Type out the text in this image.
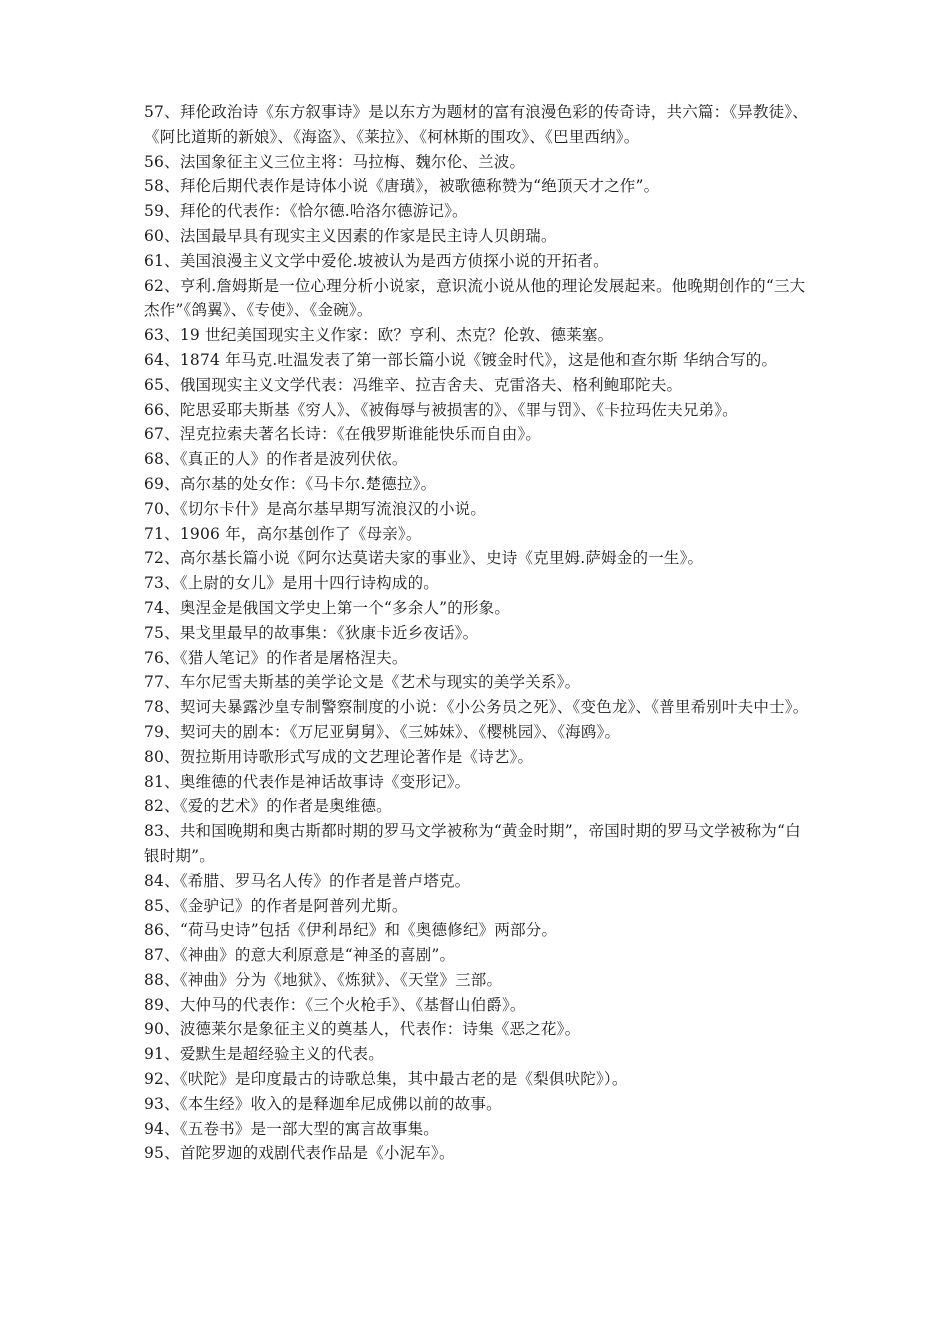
57、拜伦政治诗《东方叙事诗》是以东方为题材的富有浪漫色彩的传奇诗，共六篇：《异教徒》、《阿比道斯的新娘》、《海盗》、《莱拉》、《柯林斯的围攻》、《巴里西纳》。

56、法国象征主义三位主将：马拉梅、魏尔伦、兰波。

58、拜伦后期代表作是诗体小说《唐璜》，被歌德称赞为“绝顶天才之作”。

59、拜伦的代表作：《恰尔德.哈洛尔德游记》。

60、法国最早具有现实主义因素的作家是民主诗人贝朗瑞。

61、美国浪漫主义文学中爱伦.坡被认为是西方侦探小说的开拓者。

62、亨利.詹姆斯是一位心理分析小说家，意识流小说从他的理论发展起来。他晚期创作的“三大杰作”《鸽翼》、《专使》、《金碗》。

63、19 世纪美国现实主义作家：欧？亨利、杰克？伦敦、德莱塞。

64、1874 年马克.吐温发表了第一部长篇小说《镀金时代》，这是他和查尔斯 华纳合写的。

65、俄国现实主义文学代表：冯维辛、拉吉舍夫、克雷洛夫、格利鲍耶陀夫。

66、陀思妥耶夫斯基《穷人》、《被侮辱与被损害的》、《罪与罚》、《卡拉玛佐夫兄弟》。

67、涅克拉索夫著名长诗：《在俄罗斯谁能快乐而自由》。

68、《真正的人》的作者是波列伏依。

69、高尔基的处女作：《马卡尔.楚德拉》。

70、《切尔卡什》是高尔基早期写流浪汉的小说。

71、1906 年，高尔基创作了《母亲》。

72、高尔基长篇小说《阿尔达莫诺夫家的事业》、史诗《克里姆.萨姆金的一生》。

73、《上尉的女儿》是用十四行诗构成的。

74、奥涅金是俄国文学史上第一个“多余人”的形象。

75、果戈里最早的故事集：《狄康卡近乡夜话》。

76、《猎人笔记》的作者是屠格涅夫。

77、车尔尼雪夫斯基的美学论文是《艺术与现实的美学关系》。

78、契诃夫暴露沙皇专制警察制度的小说：《小公务员之死》、《变色龙》、《普里希别叶夫中士》。

79、契诃夫的剧本：《万尼亚舅舅》、《三姊妹》、《樱桃园》、《海鸥》。

80、贺拉斯用诗歌形式写成的文艺理论著作是《诗艺》。

81、奥维德的代表作是神话故事诗《变形记》。

82、《爱的艺术》的作者是奥维德。

83、共和国晚期和奥古斯都时期的罗马文学被称为“黄金时期”，帝国时期的罗马文学被称为“白银时期”。

84、《希腊、罗马名人传》的作者是普卢塔克。

85、《金驴记》的作者是阿普列尤斯。

86、“荷马史诗”包括《伊利昂纪》和《奥德修纪》两部分。

87、《神曲》的意大利原意是“神圣的喜剧”。

88、《神曲》分为《地狱》、《炼狱》、《天堂》三部。

89、大仲马的代表作：《三个火枪手》、《基督山伯爵》。

90、波德莱尔是象征主义的奠基人，代表作：诗集《恶之花》。

91、爱默生是超经验主义的代表。

92、《吠陀》是印度最古的诗歌总集，其中最古老的是《梨俱吠陀》）。

93、《本生经》收入的是释迦牟尼成佛以前的故事。

94、《五卷书》是一部大型的寓言故事集。

95、首陀罗迦的戏剧代表作品是《小泥车》。
